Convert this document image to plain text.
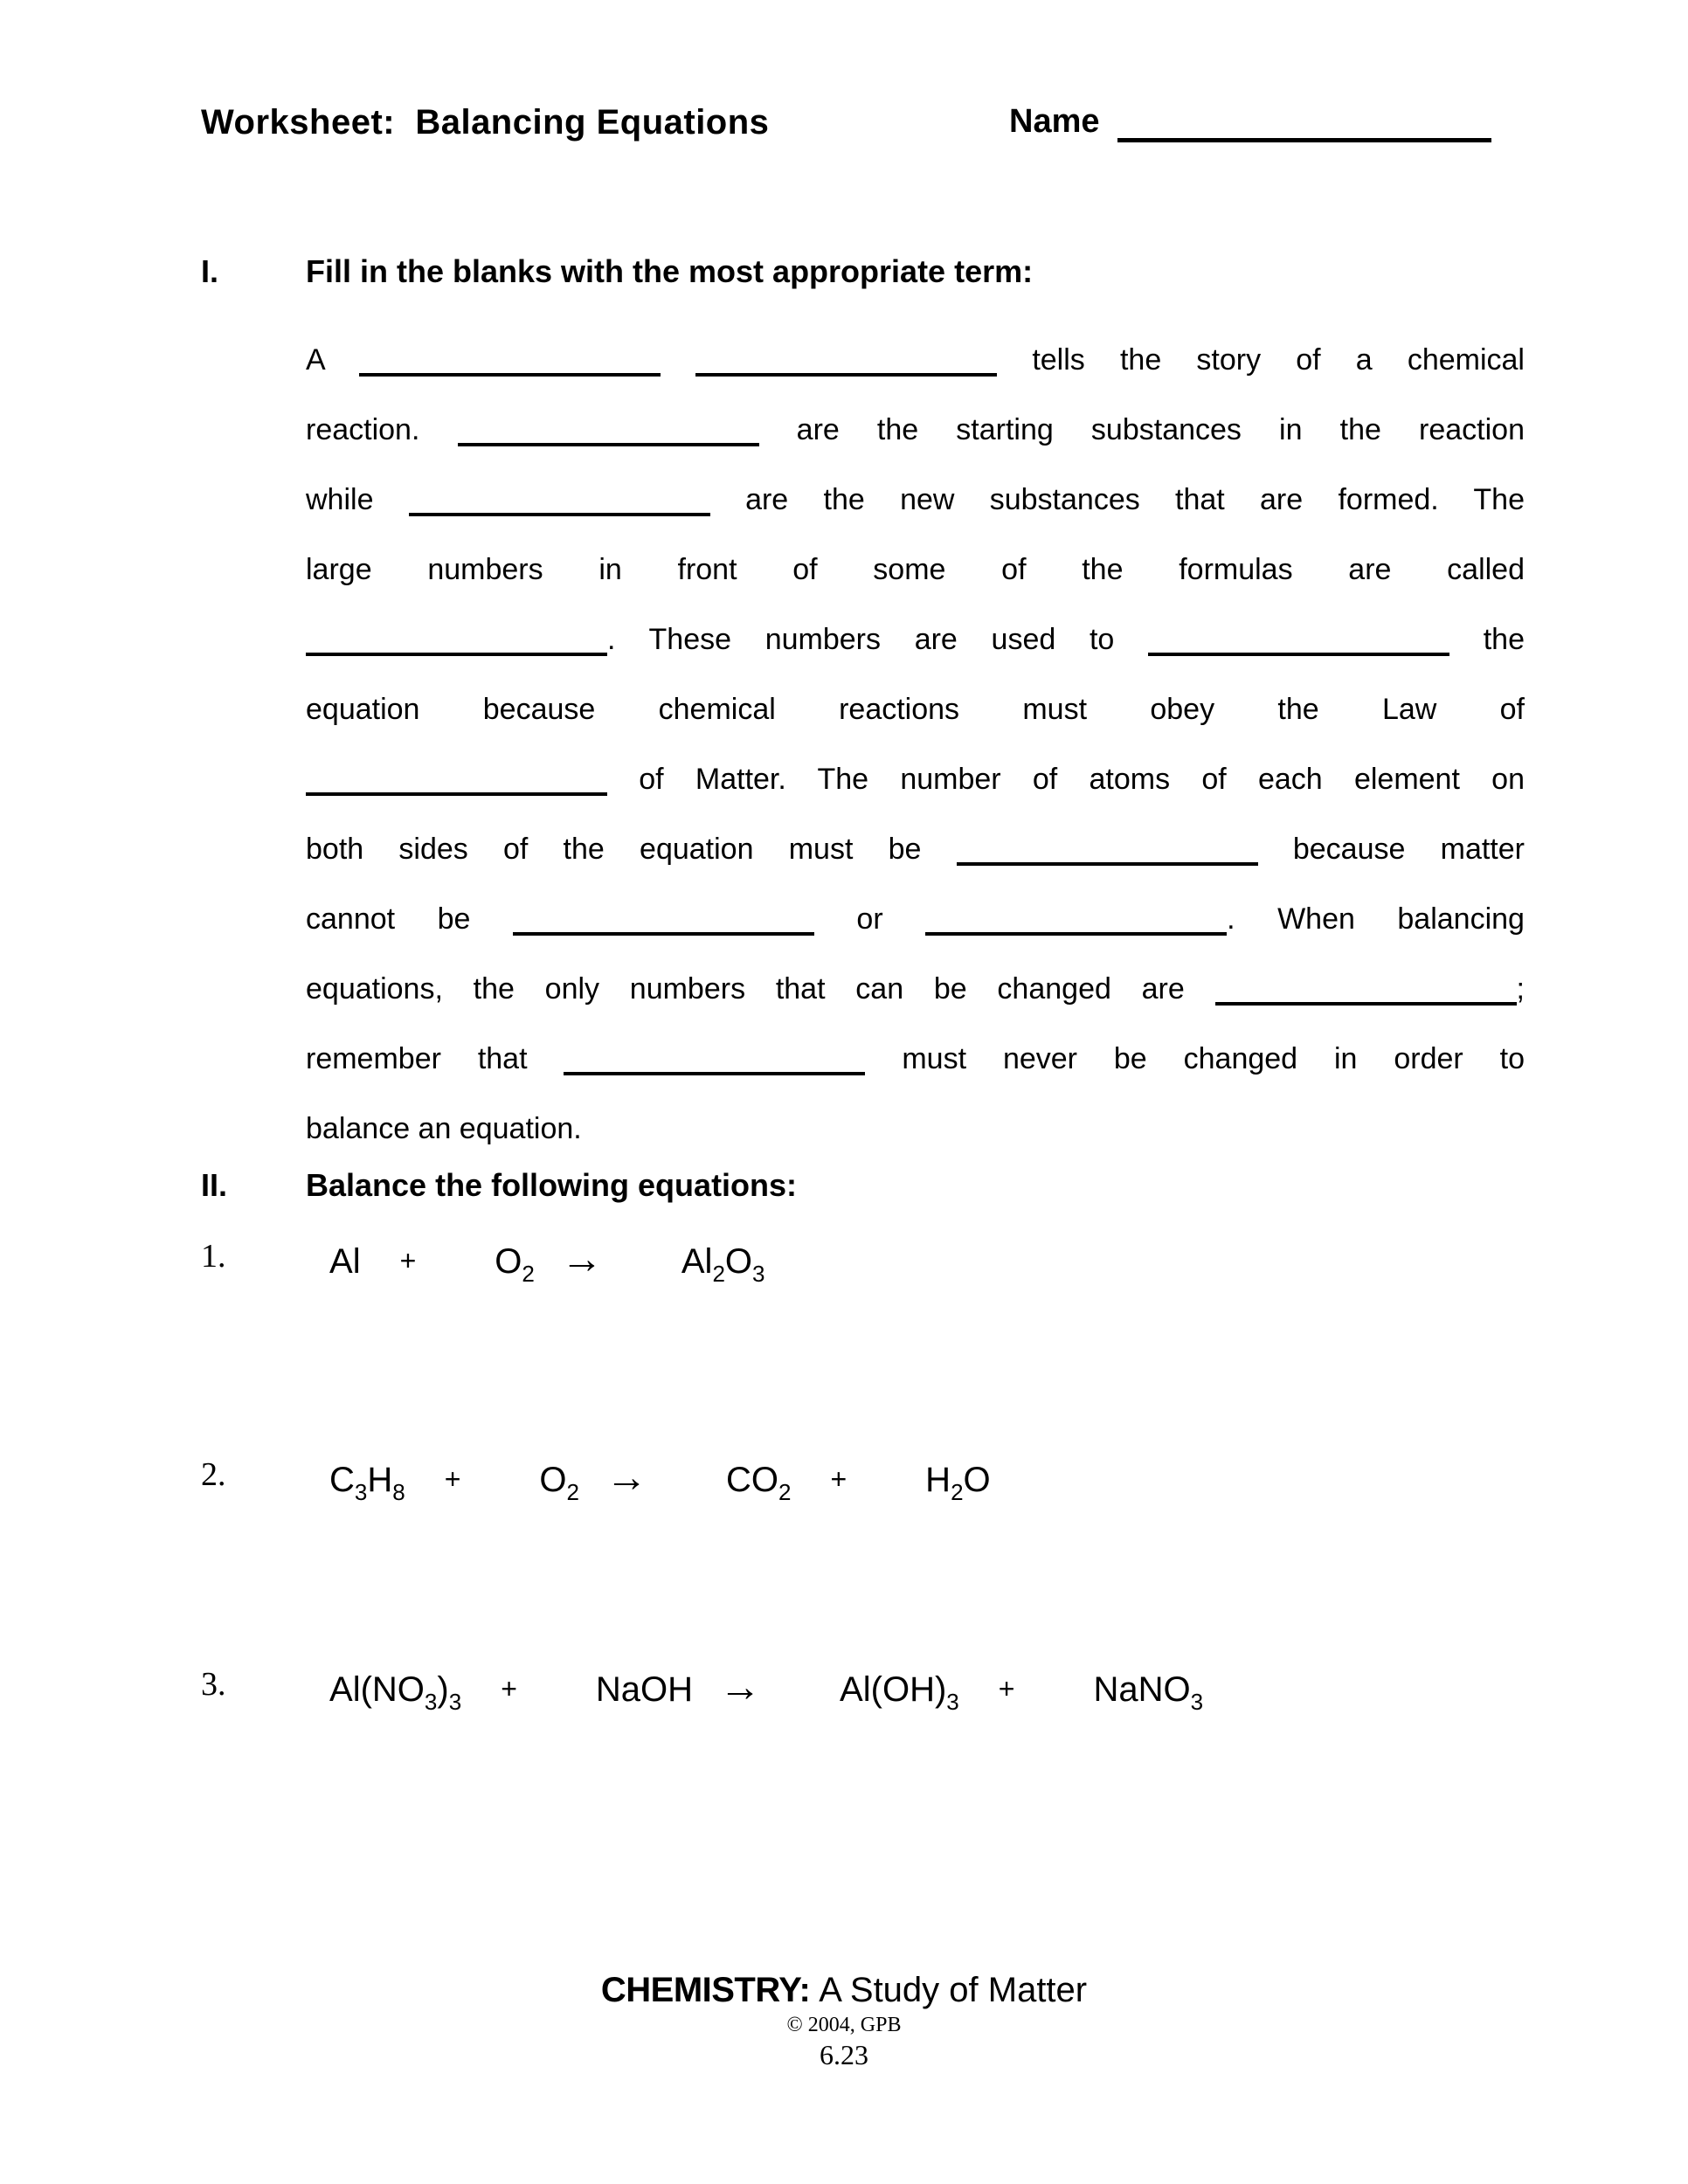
Worksheet:  Balancing Equations	Name
I.	Fill in the blanks with the most appropriate term:
A	tells the story of a chemical
reaction.	are the starting substances in the reaction
while	are the new substances that are formed. The
large numbers in front of some of the formulas are called
. These numbers are used to	the
equation because chemical reactions must obey the Law of
of Matter. The number of atoms of each element on
both sides of the equation must be	because matter
cannot be	or	. When balancing
equations, the only numbers that can be changed are	;
remember that	must never be changed in order to
balance an equation.
II. Balance the following equations:
1.	$Al + O_2 \to Al_2O_3$
2.	$C_3H_8 + O_2 \to CO_2 + H_2O$
3.	$Al(NO_3)_3$ + NaOH → $Al(OH)_3$ + NaNO$_3$
CHEMISTRY: A Study of Matter
© 2004, GPB
6.23
